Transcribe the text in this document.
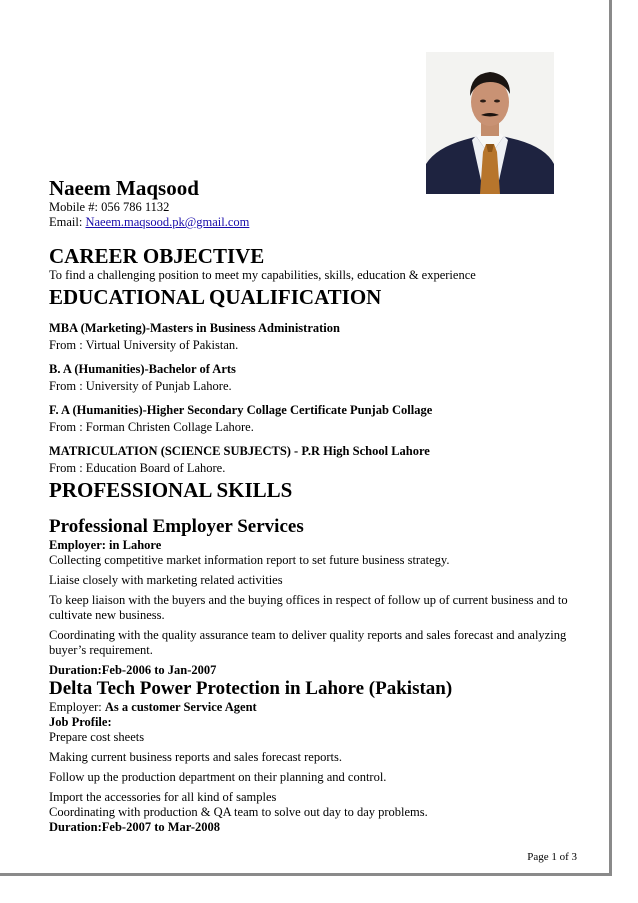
Naeem Maqsood
Mobile #: 056 786 1132
Email: Naeem.maqsood.pk@gmail.com
CAREER OBJECTIVE
To find a challenging position to meet my capabilities, skills, education & experience
EDUCATIONAL QUALIFICATION
MBA (Marketing)-Masters in Business Administration
From : Virtual University of Pakistan.
B. A (Humanities)-Bachelor of Arts
From : University of Punjab Lahore.
F. A (Humanities)-Higher Secondary Collage Certificate Punjab Collage
From : Forman Christen Collage Lahore.
MATRICULATION (SCIENCE SUBJECTS) - P.R High School Lahore
From : Education Board of Lahore.
PROFESSIONAL SKILLS
Professional Employer Services
Employer: in Lahore
Collecting competitive market information report to set future business strategy.
Liaise closely with marketing related activities
To keep liaison with the buyers and the buying offices in respect of follow up of current business and to cultivate new business.
Coordinating with the quality assurance team to deliver quality reports and sales forecast and analyzing buyer’s requirement.
Duration:Feb-2006 to Jan-2007
Delta Tech Power Protection in Lahore (Pakistan)
Employer: As a customer Service Agent
Job Profile:
Prepare cost sheets
Making current business reports and sales forecast reports.
Follow up the production department on their planning and control.
Import the accessories for all kind of samples
Coordinating with production & QA team to solve out day to day problems.
Duration:Feb-2007 to Mar-2008
Page 1 of 3
